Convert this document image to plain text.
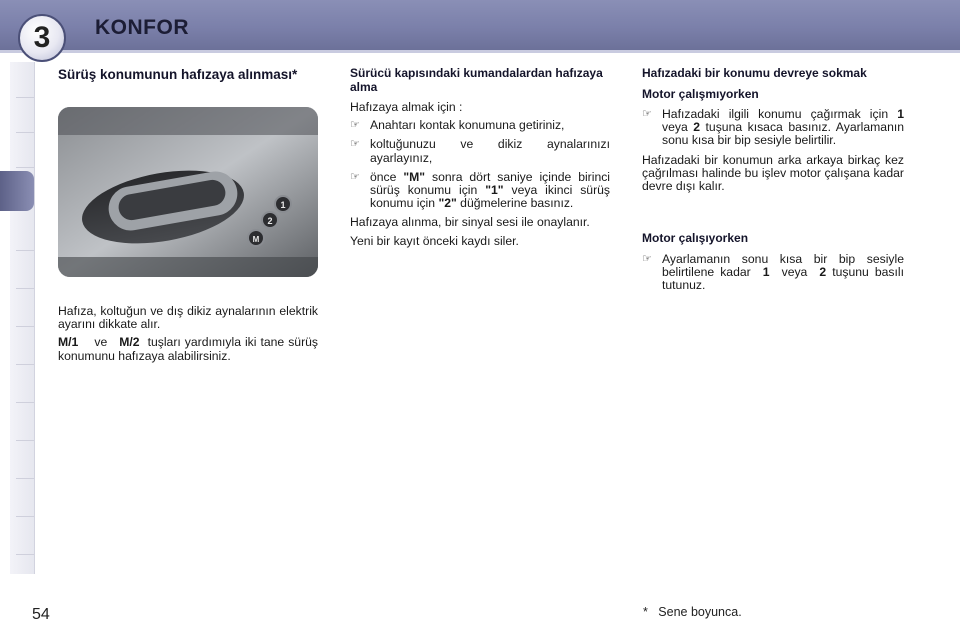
3	KONFOR
Sürüş konumunun hafızaya alınması*
1
2
M

Hafıza, koltuğun ve dış dikiz aynalarının elektrik ayarını dikkate alır.

M/1 ve M/2 tuşları yardımıyla iki tane sürüş konumunu hafızaya alabilirsiniz.

Sürücü kapısındaki kumandalardan hafızaya alma

Hafızaya almak için :

☞ Anahtarı kontak konumuna getiriniz,
☞ koltuğunuzu ve dikiz aynalarınızı ayarlayınız,
☞ önce "M" sonra dört saniye içinde birinci sürüş konumu için "1" veya ikinci sürüş konumu için "2" düğmelerine basınız.

Hafızaya alınma, bir sinyal sesi ile onaylanır.

Yeni bir kayıt önceki kaydı siler.

Hafızadaki bir konumu devreye sokmak
Motor çalışmıyorken
☞ Hafızadaki ilgili konumu çağırmak için 1 veya 2 tuşuna kısaca basınız. Ayarlamanın sonu kısa bir bip sesiyle belirtilir.

Hafızadaki bir konumun arka arkaya birkaç kez çağrılması halinde bu işlev motor çalışana kadar devre dışı kalır.

Motor çalışıyorken
☞ Ayarlamanın sonu kısa bir bip sesiyle belirtilene kadar 1 veya 2 tuşunu basılı tutunuz.
54	*   Sene boyunca.
